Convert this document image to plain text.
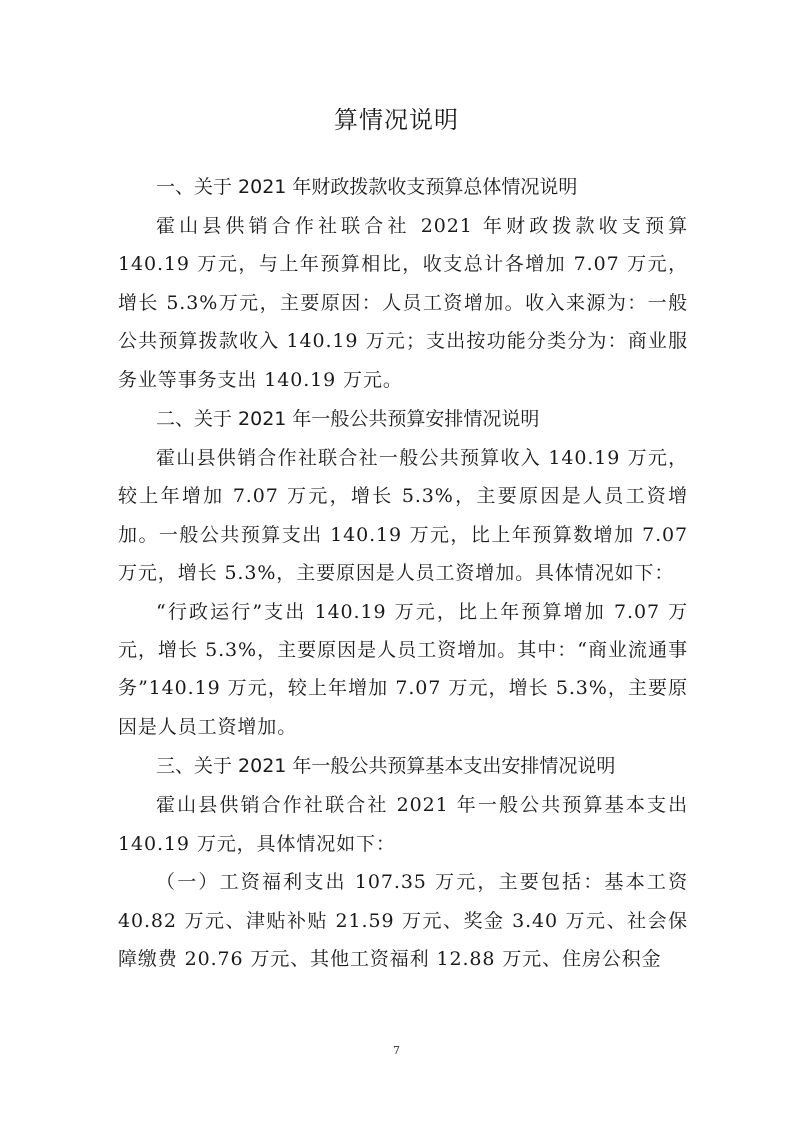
算情况说明
一、关于 2021 年财政拨款收支预算总体情况说明

霍山县供销合作社联合社 2021 年财政拨款收支预算 140.19 万元，与上年预算相比，收支总计各增加 7.07 万元，增长 5.3%万元，主要原因：人员工资增加。收入来源为：一般公共预算拨款收入 140.19 万元；支出按功能分类分为：商业服务业等事务支出 140.19 万元。

二、关于 2021 年一般公共预算安排情况说明

霍山县供销合作社联合社一般公共预算收入 140.19 万元，较上年增加 7.07 万元，增长 5.3%，主要原因是人员工资增加。一般公共预算支出 140.19 万元，比上年预算数增加 7.07 万元，增长 5.3%，主要原因是人员工资增加。具体情况如下：

“行政运行”支出 140.19 万元，比上年预算增加 7.07 万元，增长 5.3%，主要原因是人员工资增加。其中：“商业流通事务”140.19 万元，较上年增加 7.07 万元，增长 5.3%，主要原因是人员工资增加。

三、关于 2021 年一般公共预算基本支出安排情况说明

霍山县供销合作社联合社 2021 年一般公共预算基本支出 140.19 万元，具体情况如下：

（一）工资福利支出 107.35 万元，主要包括：基本工资 40.82 万元、津贴补贴 21.59 万元、奖金 3.40 万元、社会保障缴费 20.76 万元、其他工资福利 12.88 万元、住房公积金

7
